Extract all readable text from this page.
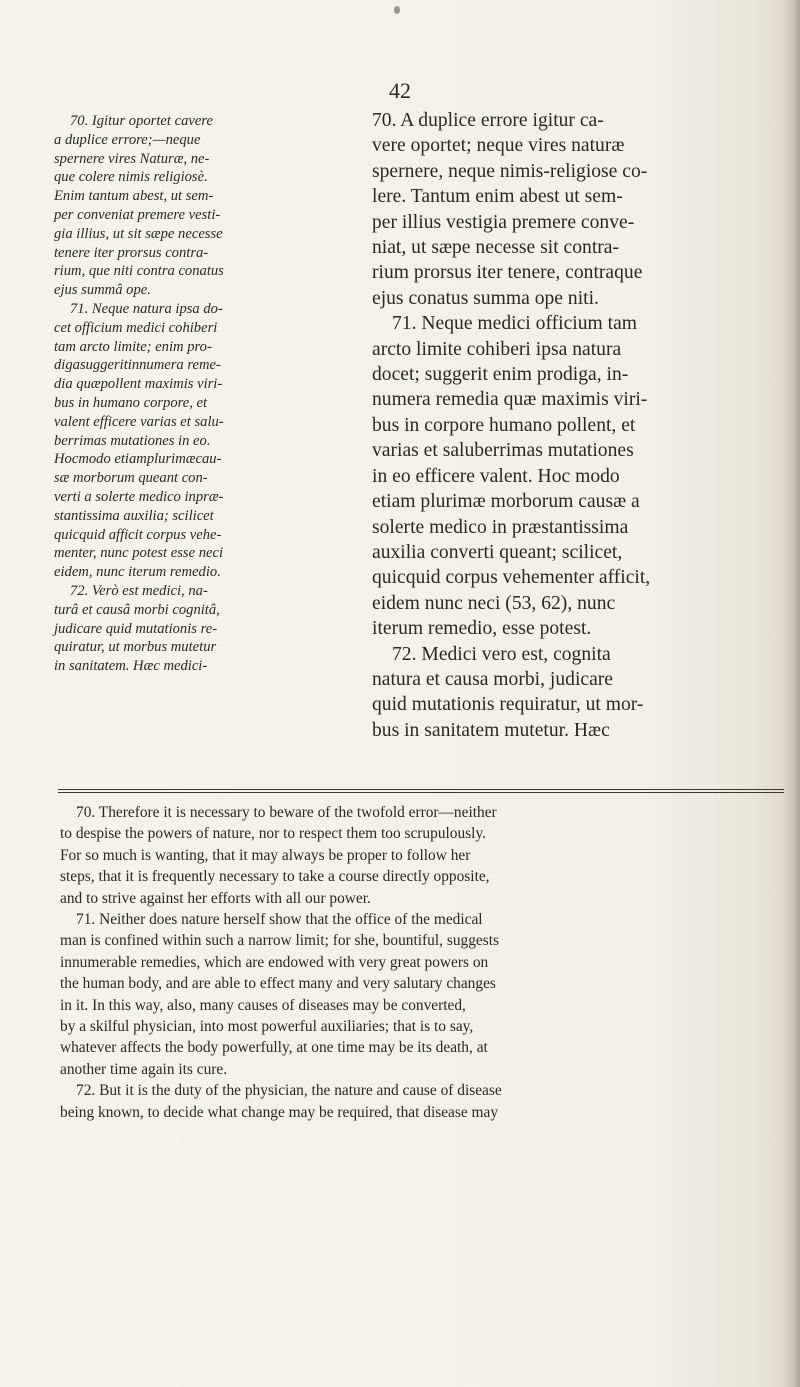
42
70. Igitur oportet cavere
a duplice errore;—neque
spernere vires Naturæ, ne-
que colere nimis religiosè.
Enim tantum abest, ut sem-
per conveniat premere vesti-
gia illius, ut sit sæpe necesse
tenere iter prorsus contra-
rium, que niti contra conatus
ejus summâ ope.
71. Neque natura ipsa do-
cet officium medici cohiberi
tam arcto limite; enim pro-
digasuggeritinnumera reme-
dia quæpollent maximis viri-
bus in humano corpore, et
valent efficere varias et salu-
berrimas mutationes in eo.
Hocmodo etiamplurimæcau-
sæ morborum queant con-
verti a solerte medico inpræ-
stantissima auxilia; scilicet
quicquid afficit corpus vehe-
menter, nunc potest esse neci
eidem, nunc iterum remedio.
72. Verò est medici, na-
turâ et causâ morbi cognitâ,
judicare quid mutationis re-
quiratur, ut morbus mutetur
in sanitatem. Hæc medici-
70. A duplice errore igitur ca-
vere oportet; neque vires naturæ
spernere, neque nimis-religiose co-
lere. Tantum enim abest ut sem-
per illius vestigia premere conve-
niat, ut sæpe necesse sit contra-
rium prorsus iter tenere, contraque
ejus conatus summa ope niti.
71. Neque medici officium tam
arcto limite cohiberi ipsa natura
docet; suggerit enim prodiga, in-
numera remedia quæ maximis viri-
bus in corpore humano pollent, et
varias et saluberrimas mutationes
in eo efficere valent. Hoc modo
etiam plurimæ morborum causæ a
solerte medico in præstantissima
auxilia converti queant; scilicet,
quicquid corpus vehementer afficit,
eidem nunc neci (53, 62), nunc
iterum remedio, esse potest.
72. Medici vero est, cognita
natura et causa morbi, judicare
quid mutationis requiratur, ut mor-
bus in sanitatem mutetur. Hæc
70. Therefore it is necessary to beware of the twofold error—neither
to despise the powers of nature, nor to respect them too scrupulously.
For so much is wanting, that it may always be proper to follow her
steps, that it is frequently necessary to take a course directly opposite,
and to strive against her efforts with all our power.
71. Neither does nature herself show that the office of the medical
man is confined within such a narrow limit; for she, bountiful, suggests
innumerable remedies, which are endowed with very great powers on
the human body, and are able to effect many and very salutary changes
in it. In this way, also, many causes of diseases may be converted,
by a skilful physician, into most powerful auxiliaries; that is to say,
whatever affects the body powerfully, at one time may be its death, at
another time again its cure.
72. But it is the duty of the physician, the nature and cause of disease
being known, to decide what change may be required, that disease may
